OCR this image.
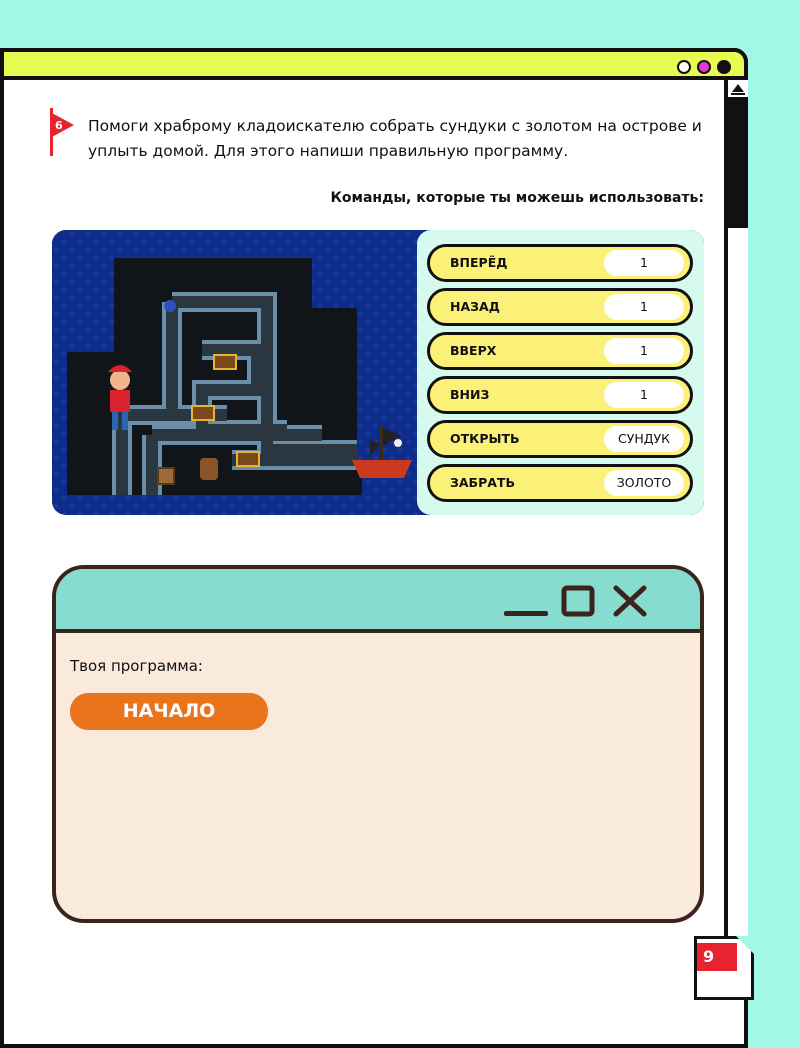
6 Помоги храброму кладоискателю собрать сундуки с золотом на острове и уплыть домой. Для этого напиши правильную программу.
Команды, которые ты можешь использовать:
ВПЕРЁД	1
НАЗАД	1
ВВЕРХ	1
ВНИЗ	1
ОТКРЫТЬ	СУНДУК
ЗАБРАТЬ	ЗОЛОТО
Твоя программа:
НАЧАЛО
9
